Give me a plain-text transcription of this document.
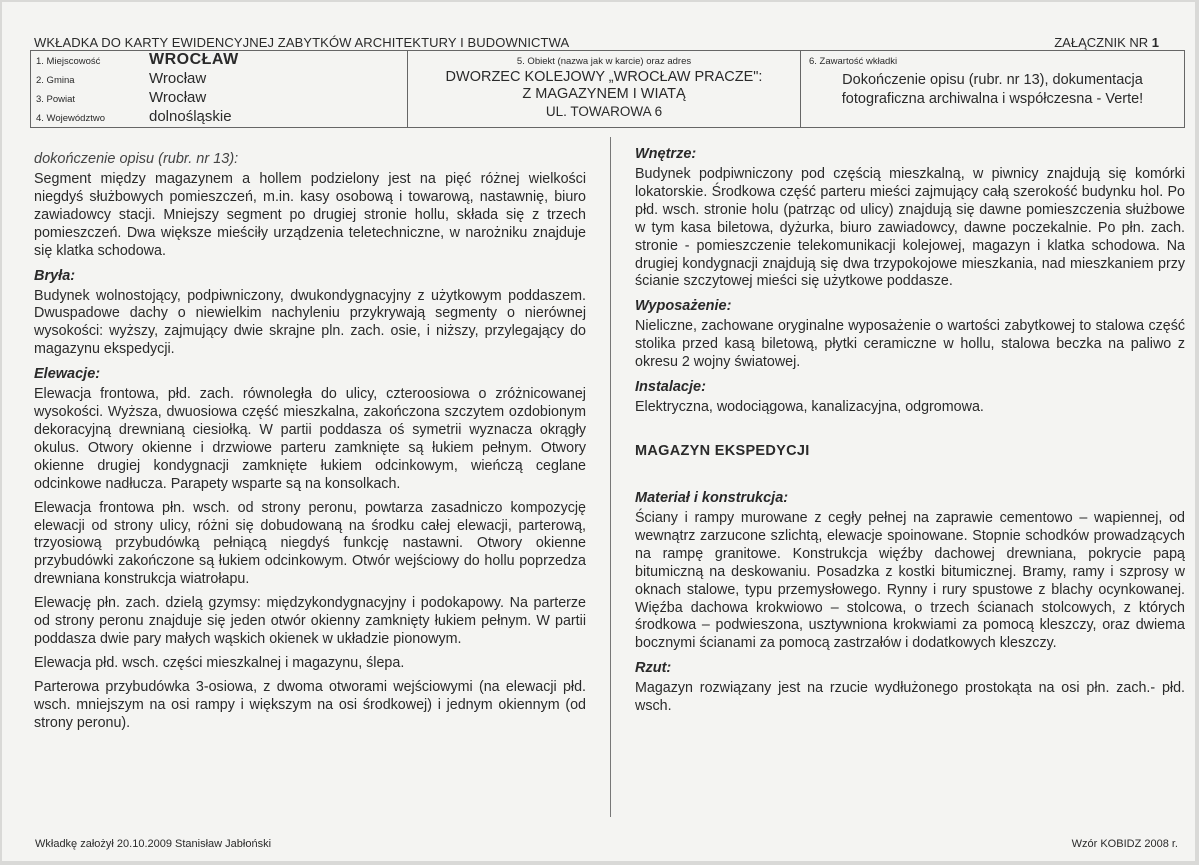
WKŁADKA DO KARTY EWIDENCYJNEJ ZABYTKÓW ARCHITEKTURY I BUDOWNICTWA	ZAŁĄCZNIK NR 1
1. Miejscowość	WROCŁAW
2. Gmina	Wrocław
3. Powiat	Wrocław
4. Województwo	dolnośląskie
5. Obiekt (nazwa jak w karcie) oraz adres
DWORZEC KOLEJOWY „WROCŁAW PRACZE":
Z MAGAZYNEM I WIATĄ
UL. TOWAROWA 6
6. Zawartość wkładki
Dokończenie opisu (rubr. nr 13), dokumentacja
fotograficzna archiwalna i współczesna - Verte!

dokończenie opisu (rubr. nr 13):

Segment między magazynem a hollem podzielony jest na pięć różnej wielkości niegdyś służbowych pomieszczeń, m.in. kasy osobową i towarową, nastawnię, biuro zawiadowcy stacji. Mniejszy segment po drugiej stronie hollu, składa się z trzech pomieszczeń. Dwa większe mieściły urządzenia teletechniczne, w narożniku znajduje się klatka schodowa.

Bryła:

Budynek wolnostojący, podpiwniczony, dwukondygnacyjny z użytkowym poddaszem. Dwuspadowe dachy o niewielkim nachyleniu przykrywają segmenty o nierównej wysokości: wyższy, zajmujący dwie skrajne pln. zach. osie, i niższy, przylegający do magazynu ekspedycji.

Elewacje:

Elewacja frontowa, płd. zach. równoległa do ulicy, czteroosiowa o zróżnicowanej wysokości. Wyższa, dwuosiowa część mieszkalna, zakończona szczytem ozdobionym dekoracyjną drewnianą ciesiołką. W partii poddasza oś symetrii wyznacza okrągły okulus. Otwory okienne i drzwiowe parteru zamknięte są łukiem pełnym. Otwory okienne drugiej kondygnacji zamknięte łukiem odcinkowym, wieńczą ceglane odcinkowe nadłucza. Parapety wsparte są na konsolkach.

Elewacja frontowa płn. wsch. od strony peronu, powtarza zasadniczo kompozycję elewacji od strony ulicy, różni się dobudowaną na środku całej elewacji, parterową, trzyosiową przybudówką pełniącą niegdyś funkcję nastawni. Otwory okienne przybudówki zakończone są łukiem odcinkowym. Otwór wejściowy do hollu poprzedza drewniana konstrukcja wiatrołapu.

Elewację płn. zach. dzielą gzymsy: międzykondygnacyjny i podokapowy. Na parterze od strony peronu znajduje się jeden otwór okienny zamknięty łukiem pełnym. W partii poddasza dwie pary małych wąskich okienek w układzie pionowym.

Elewacja płd. wsch. części mieszkalnej i magazynu, ślepa.

Parterowa przybudówka 3-osiowa, z dwoma otworami wejściowymi (na elewacji płd. wsch. mniejszym na osi rampy i większym na osi środkowej) i jednym okiennym (od strony peronu).

Wnętrze:

Budynek podpiwniczony pod częścią mieszkalną, w piwnicy znajdują się komórki lokatorskie. Środkowa część parteru mieści zajmujący całą szerokość budynku hol. Po płd. wsch. stronie holu (patrząc od ulicy) znajdują się dawne pomieszczenia służbowe w tym kasa biletowa, dyżurka, biuro zawiadowcy, dawne poczekalnie. Po płn. zach. stronie - pomieszczenie telekomunikacji kolejowej, magazyn i klatka schodowa. Na drugiej kondygnacji znajdują się dwa trzypokojowe mieszkania, nad mieszkaniem przy ścianie szczytowej mieści się użytkowe poddasze.

Wyposażenie:

Nieliczne, zachowane oryginalne wyposażenie o wartości zabytkowej to stalowa część stolika przed kasą biletową, płytki ceramiczne w hollu, stalowa beczka na paliwo z okresu 2 wojny światowej.

Instalacje:

Elektryczna, wodociągowa, kanalizacyjna, odgromowa.

MAGAZYN EKSPEDYCJI

Materiał i konstrukcja:

Ściany i rampy murowane z cegły pełnej na zaprawie cementowo – wapiennej, od wewnątrz zarzucone szlichtą, elewacje spoinowane. Stopnie schodków prowadzących na rampę granitowe. Konstrukcja więźby dachowej drewniana, pokrycie papą bitumiczną na deskowaniu. Posadzka z kostki bitumicznej. Bramy, ramy i szprosy w oknach stalowe, typu przemysłowego. Rynny i rury spustowe z blachy ocynkowanej. Więźba dachowa krokwiowo – stolcowa, o trzech ścianach stolcowych, z których środkowa – podwieszona, usztywniona krokwiami za pomocą kleszczy, oraz dwiema bocznymi ścianami za pomocą zastrzałów i dodatkowych kleszczy.

Rzut:

Magazyn rozwiązany jest na rzucie wydłużonego prostokąta na osi płn. zach.- płd. wsch.

Wkładkę założył 20.10.2009 Stanisław Jabłoński	Wzór KOBIDZ 2008 r.
